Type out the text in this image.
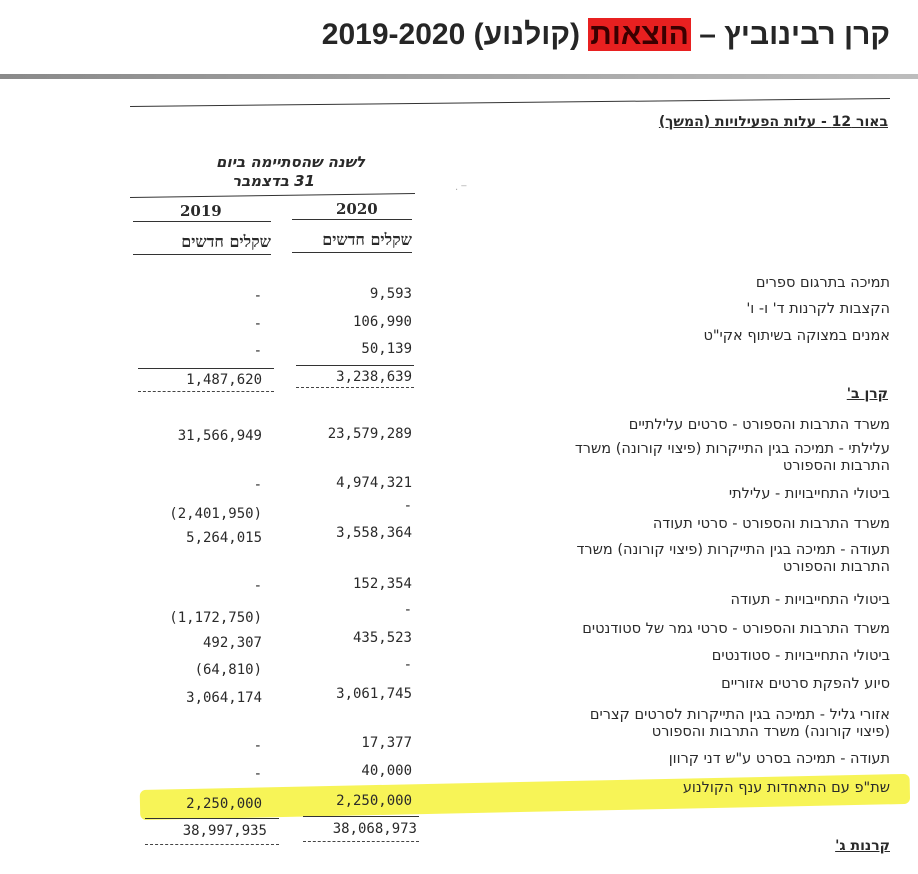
קרן רבינוביץ – הוצאות (קולנוע) 2019-2020
באור 12 - עלות הפעילויות (המשך)
לשנה שהסתיימה ביום
31 בדצמבר
2020
2019
שקלים חדשים
שקלים חדשים
· ‾
תמיכה בתרגום ספרים
9,593
-
הקצבות לקרנות ד' ו- ו'
106,990
-
אמנים במצוקה בשיתוף אקי"ט
50,139
-
3,238,639
1,487,620
קרן ב'
משרד התרבות והספורט - סרטים עלילתיים
23,579,289
31,566,949
עלילתי - תמיכה בגין התייקרות (פיצוי קורונה) משרד
התרבות והספורט
4,974,321
-
ביטולי התחייבויות - עלילתי
-
(2,401,950)
משרד התרבות והספורט - סרטי תעודה
3,558,364
5,264,015
תעודה - תמיכה בגין התייקרות (פיצוי קורונה) משרד
התרבות והספורט
152,354
-
ביטולי התחייבויות - תעודה
-
(1,172,750)
משרד התרבות והספורט - סרטי גמר של סטודנטים
435,523
492,307
ביטולי התחייבויות - סטודנטים
-
(64,810)
סיוע להפקת סרטים אזוריים
3,061,745
3,064,174
אזורי גליל - תמיכה בגין התייקרות לסרטים קצרים
(פיצוי קורונה) משרד התרבות והספורט
17,377
-
תעודה - תמיכה בסרט ע"ש דני קרוון
40,000
-
שת"פ עם התאחדות ענף הקולנוע
2,250,000
2,250,000
38,068,973
38,997,935
קרנות ג'
